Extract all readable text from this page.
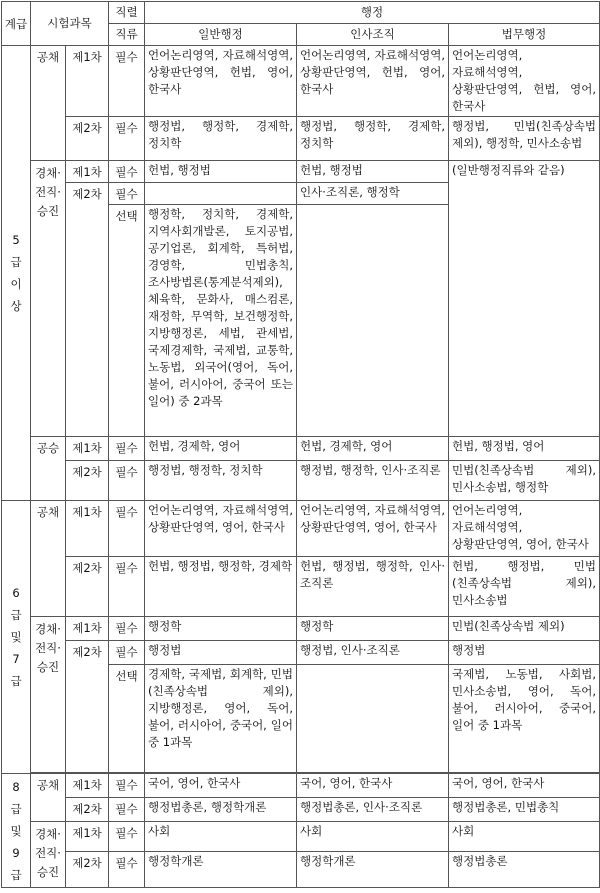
계급	시험과목		직렬	행정		
			직류			
				일반행정	인사조직	법무행정
5급이상	공채	제1차	필수	언어논리영역, 자료해석영역, 상황판단영역, 헌법, 영어, 한국사	언어논리영역, 자료해석영역, 상황판단영역, 헌법, 영어, 한국사	언어논리영역, 자료해석영역, 상황판단영역, 헌법, 영어, 한국사
		제2차	필수	행정법, 행정학, 경제학, 정치학	행정법, 행정학, 경제학, 정치학	행정법, 민법(친족상속법 제외), 행정학, 민사소송법
	경채·전직·승진	제1차	필수	헌법, 행정법	헌법, 행정법	(일반행정직류와 같음)
		제2차	필수		인사·조직론, 행정학	
			선택	행정학, 정치학, 경제학, 지역사회개발론, 토지공법, 공기업론, 회계학, 특허법, 경영학, 민법총칙, 조사방법론(통계분석제외), 체육학, 문화사, 매스컴론, 재정학, 무역학, 보건행정학, 지방행정론, 세법, 관세법, 국제경제학, 국제법, 교통학, 노동법, 외국어(영어, 독어, 불어, 러시아어, 중국어 또는 일어) 중 2과목		
	공승	제1차	필수	헌법, 경제학, 영어	헌법, 경제학, 영어	헌법, 행정법, 영어
		제2차	필수	행정법, 행정학, 정치학	행정법, 행정학, 인사·조직론	민법(친족상속법 제외), 민사소송법, 행정학
6급및7급	공채	제1차	필수	언어논리영역, 자료해석영역, 상황판단영역, 영어, 한국사	언어논리영역, 자료해석영역, 상황판단영역, 영어, 한국사	언어논리영역, 자료해석영역, 상황판단영역, 영어, 한국사
		제2차	필수	헌법, 행정법, 행정학, 경제학	헌법, 행정법, 행정학, 인사·조직론	헌법, 행정법, 민법(친족상속법 제외), 민사소송법
	경채·전직·승진	제1차	필수	행정학	행정학	민법(친족상속법 제외)
		제2차	필수	행정법	행정법, 인사·조직론	행정법
			선택	경제학, 국제법, 회계학, 민법(친족상속법 제외), 지방행정론, 영어, 독어, 불어, 러시아어, 중국어, 일어 중 1과목		국제법, 노동법, 사회법, 민사소송법, 영어, 독어, 불어, 러시아어, 중국어, 일어 중 1과목

8급및9급	공채	제1차	필수	국어, 영어, 한국사	국어, 영어, 한국사	국어, 영어, 한국사
		제2차	필수	행정법총론, 행정학개론	행정법총론, 인사·조직론	행정법총론, 민법총칙
	경채·전직·승진	제1차	필수	사회	사회	사회
		제2차	필수	행정학개론	행정학개론	행정법총론
